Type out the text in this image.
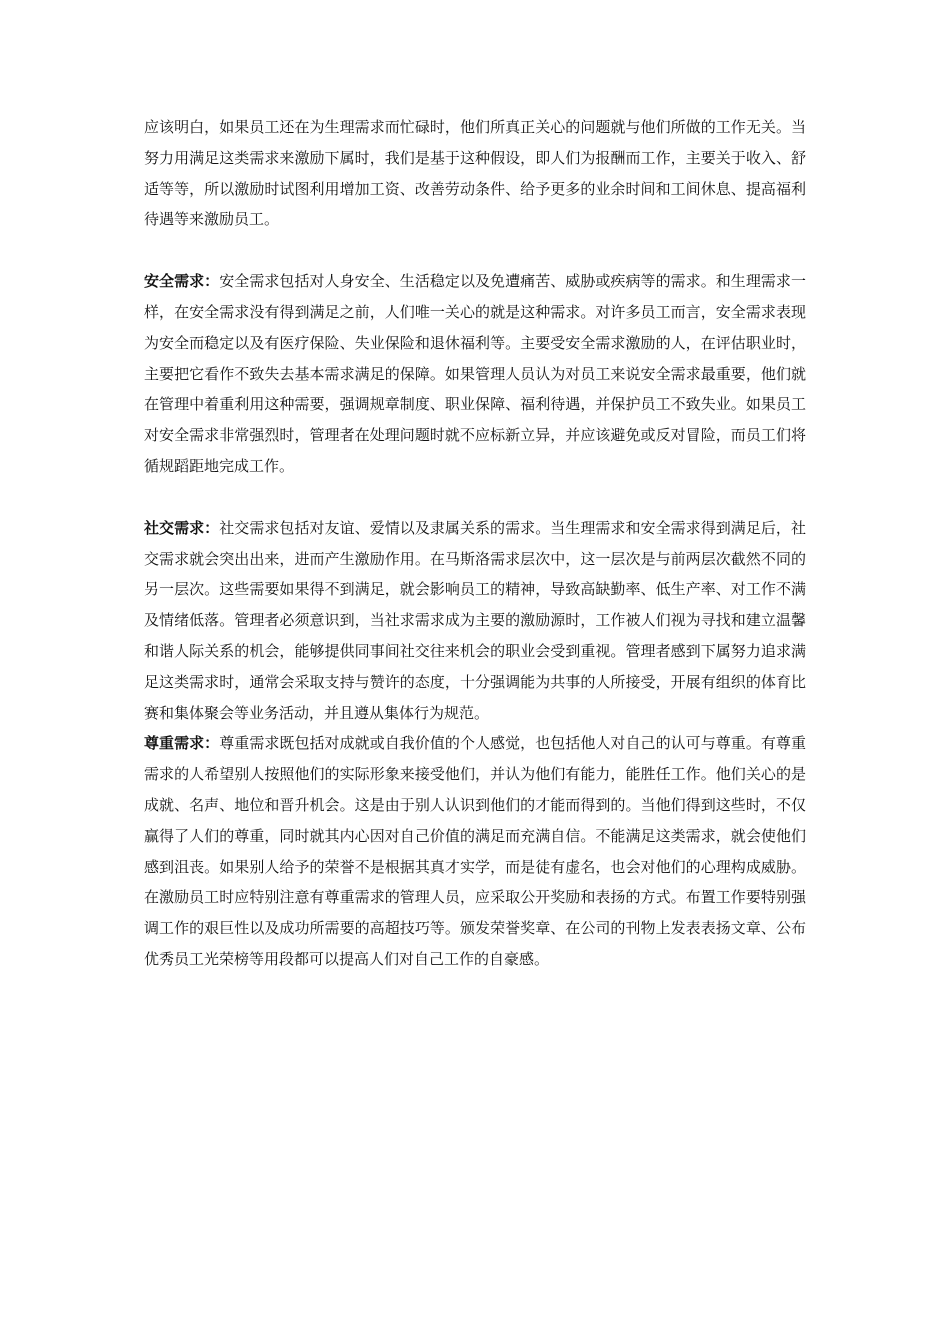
应该明白，如果员工还在为生理需求而忙碌时，他们所真正关心的问题就与他们所做的工作无关。当努力用满足这类需求来激励下属时，我们是基于这种假设，即人们为报酬而工作，主要关于收入、舒适等等，所以激励时试图利用增加工资、改善劳动条件、给予更多的业余时间和工间休息、提高福利待遇等来激励员工。

安全需求：安全需求包括对人身安全、生活稳定以及免遭痛苦、威胁或疾病等的需求。和生理需求一样，在安全需求没有得到满足之前，人们唯一关心的就是这种需求。对许多员工而言，安全需求表现为安全而稳定以及有医疗保险、失业保险和退休福利等。主要受安全需求激励的人，在评估职业时，主要把它看作不致失去基本需求满足的保障。如果管理人员认为对员工来说安全需求最重要，他们就在管理中着重利用这种需要，强调规章制度、职业保障、福利待遇，并保护员工不致失业。如果员工对安全需求非常强烈时，管理者在处理问题时就不应标新立异，并应该避免或反对冒险，而员工们将循规蹈距地完成工作。

社交需求：社交需求包括对友谊、爱情以及隶属关系的需求。当生理需求和安全需求得到满足后，社交需求就会突出出来，进而产生激励作用。在马斯洛需求层次中，这一层次是与前两层次截然不同的另一层次。这些需要如果得不到满足，就会影响员工的精神，导致高缺勤率、低生产率、对工作不满及情绪低落。管理者必须意识到，当社求需求成为主要的激励源时，工作被人们视为寻找和建立温馨和谐人际关系的机会，能够提供同事间社交往来机会的职业会受到重视。管理者感到下属努力追求满足这类需求时，通常会采取支持与赞许的态度，十分强调能为共事的人所接受，开展有组织的体育比赛和集体聚会等业务活动，并且遵从集体行为规范。

尊重需求：尊重需求既包括对成就或自我价值的个人感觉，也包括他人对自己的认可与尊重。有尊重需求的人希望别人按照他们的实际形象来接受他们，并认为他们有能力，能胜任工作。他们关心的是成就、名声、地位和晋升机会。这是由于别人认识到他们的才能而得到的。当他们得到这些时，不仅赢得了人们的尊重，同时就其内心因对自己价值的满足而充满自信。不能满足这类需求，就会使他们感到沮丧。如果别人给予的荣誉不是根据其真才实学，而是徒有虚名，也会对他们的心理构成威胁。在激励员工时应特别注意有尊重需求的管理人员，应采取公开奖励和表扬的方式。布置工作要特别强调工作的艰巨性以及成功所需要的高超技巧等。颁发荣誉奖章、在公司的刊物上发表表扬文章、公布优秀员工光荣榜等用段都可以提高人们对自己工作的自豪感。
